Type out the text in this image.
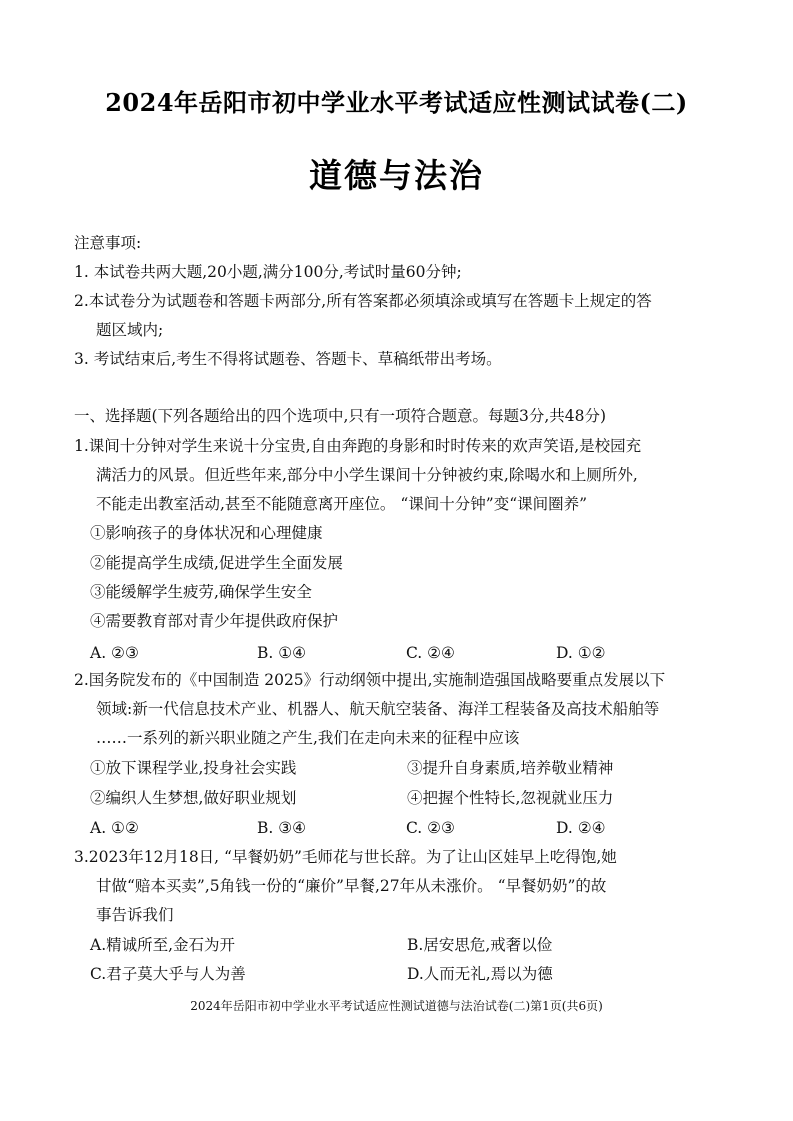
2024年岳阳市初中学业水平考试适应性测试试卷(二)
道德与法治
注意事项:
1. 本试卷共两大题,20小题,满分100分,考试时量60分钟;
2.本试卷分为试题卷和答题卡两部分,所有答案都必须填涂或填写在答题卡上规定的答
题区域内;
3. 考试结束后,考生不得将试题卷、答题卡、草稿纸带出考场。
一、选择题(下列各题给出的四个选项中,只有一项符合题意。每题3分,共48分)
1.课间十分钟对学生来说十分宝贵,自由奔跑的身影和时时传来的欢声笑语,是校园充
满活力的风景。但近些年来,部分中小学生课间十分钟被约束,除喝水和上厕所外,
不能走出教室活动,甚至不能随意离开座位。 “课间十分钟”变“课间圈养”
①影响孩子的身体状况和心理健康
②能提高学生成绩,促进学生全面发展
③能缓解学生疲劳,确保学生安全
④需要教育部对青少年提供政府保护
A. ②③	B. ①④	C. ②④	D. ①②
2.国务院发布的《中国制造 2025》行动纲领中提出,实施制造强国战略要重点发展以下
领域:新一代信息技术产业、机器人、航天航空装备、海洋工程装备及高技术船舶等
……一系列的新兴职业随之产生,我们在走向未来的征程中应该
①放下课程学业,投身社会实践	③提升自身素质,培养敬业精神
②编织人生梦想,做好职业规划	④把握个性特长,忽视就业压力
A. ①②	B. ③④	C. ②③	D. ②④
3.2023年12月18日, “早餐奶奶”毛师花与世长辞。为了让山区娃早上吃得饱,她
甘做“赔本买卖”,5角钱一份的“廉价”早餐,27年从未涨价。 “早餐奶奶”的故
事告诉我们
A.精诚所至,金石为开	B.居安思危,戒奢以俭
C.君子莫大乎与人为善	D.人而无礼,焉以为德
2024年岳阳市初中学业水平考试适应性测试道德与法治试卷(二)第1页(共6页)
